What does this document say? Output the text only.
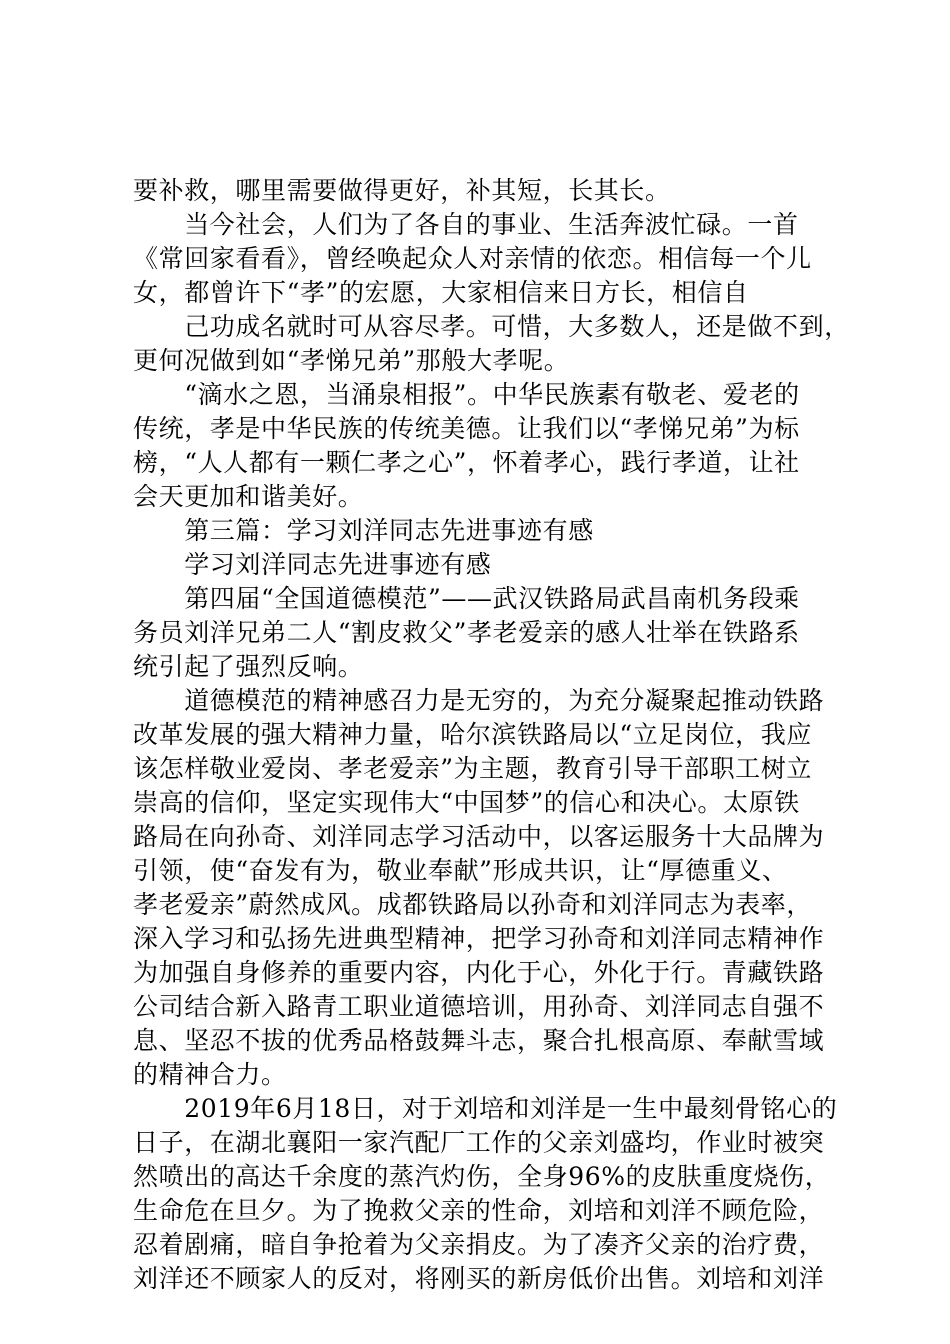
要补救，哪里需要做得更好，补其短，长其长。
　　当今社会，人们为了各自的事业、生活奔波忙碌。一首
《常回家看看》，曾经唤起众人对亲情的依恋。相信每一个儿
女，都曾许下“孝”的宏愿，大家相信来日方长，相信自
　　己功成名就时可从容尽孝。可惜，大多数人，还是做不到，
更何况做到如“孝悌兄弟”那般大孝呢。
　　“滴水之恩，当涌泉相报”。中华民族素有敬老、爱老的
传统，孝是中华民族的传统美德。让我们以“孝悌兄弟”为标
榜，“人人都有一颗仁孝之心”，怀着孝心，践行孝道，让社
会天更加和谐美好。
　　第三篇：学习刘洋同志先进事迹有感
　　学习刘洋同志先进事迹有感
　　第四届“全国道德模范”——武汉铁路局武昌南机务段乘
务员刘洋兄弟二人“割皮救父”孝老爱亲的感人壮举在铁路系
统引起了强烈反响。
　　道德模范的精神感召力是无穷的，为充分凝聚起推动铁路
改革发展的强大精神力量，哈尔滨铁路局以“立足岗位，我应
该怎样敬业爱岗、孝老爱亲”为主题，教育引导干部职工树立
崇高的信仰，坚定实现伟大“中国梦”的信心和决心。太原铁
路局在向孙奇、刘洋同志学习活动中，以客运服务十大品牌为
引领，使“奋发有为，敬业奉献”形成共识，让“厚德重义、
孝老爱亲”蔚然成风。成都铁路局以孙奇和刘洋同志为表率，
深入学习和弘扬先进典型精神，把学习孙奇和刘洋同志精神作
为加强自身修养的重要内容，内化于心，外化于行。青藏铁路
公司结合新入路青工职业道德培训，用孙奇、刘洋同志自强不
息、坚忍不拔的优秀品格鼓舞斗志，聚合扎根高原、奉献雪域
的精神合力。
　　2019年6月18日，对于刘培和刘洋是一生中最刻骨铭心的
日子，在湖北襄阳一家汽配厂工作的父亲刘盛均，作业时被突
然喷出的高达千余度的蒸汽灼伤，全身96%的皮肤重度烧伤，
生命危在旦夕。为了挽救父亲的性命，刘培和刘洋不顾危险，
忍着剧痛，暗自争抢着为父亲捐皮。为了凑齐父亲的治疗费，
刘洋还不顾家人的反对，将刚买的新房低价出售。刘培和刘洋
